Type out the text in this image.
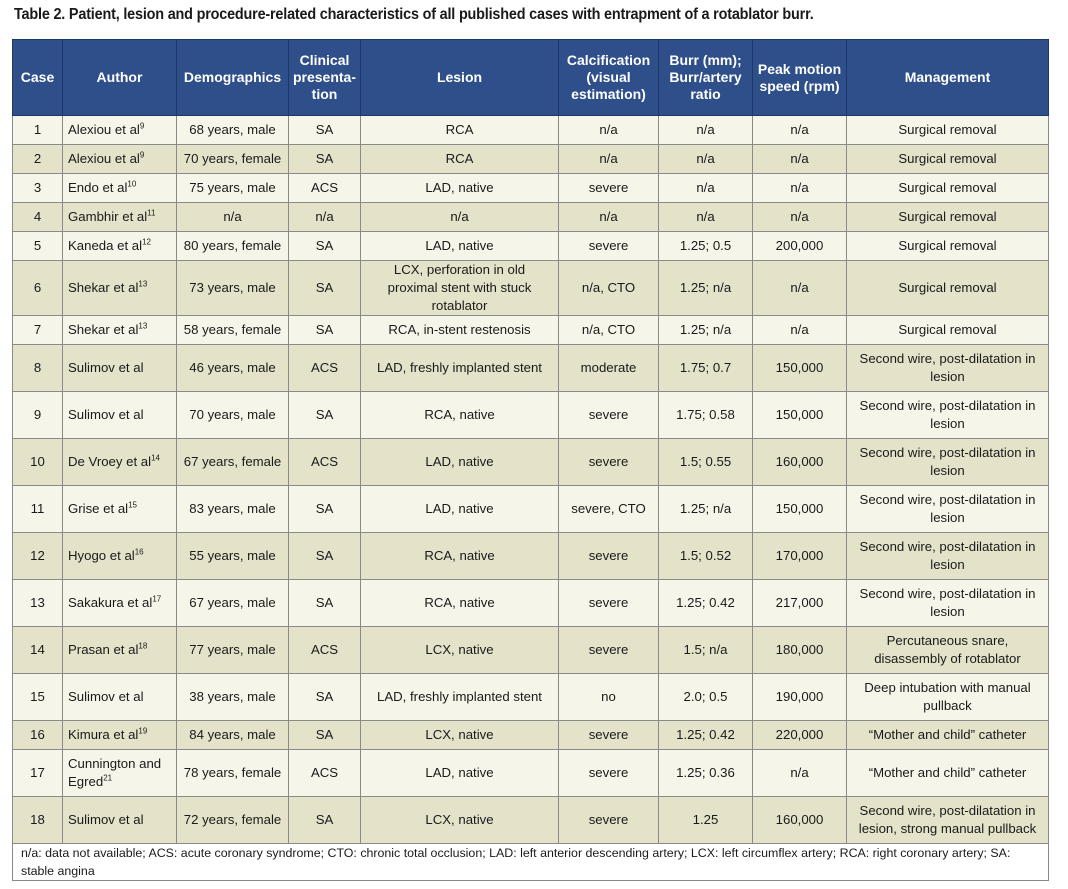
Table 2. Patient, lesion and procedure-related characteristics of all published cases with entrapment of a rotablator burr.
Case	Author	Demographics	Clinical
presenta-
tion	Lesion	Calcification
(visual
estimation)	Burr (mm);
Burr/artery
ratio	Peak motion
speed (rpm)	Management
1	Alexiou et $al^9$	68 years, male	SA	RCA	n/a	n/a	n/a	Surgical removal
2	Alexiou et $al^9$	70 years, female	SA	RCA	n/a	n/a	n/a	Surgical removal
3	Endo et $al^{10}$	75 years, male	ACS	LAD, native	severe	n/a	n/a	Surgical removal
4	Gambhir et $al^{11}$	n/a	n/a	n/a	n/a	n/a	n/a	Surgical removal
5	Kaneda et $al^{12}$	80 years, female	SA	LAD, native	severe	1.25; 0.5	200,000	Surgical removal
6	Shekar et $al^{13}$	73 years, male	SA	LCX, perforation in old proximal stent with stuck rotablator	n/a, CTO	1.25; n/a	n/a	Surgical removal
7	Shekar et $al^{13}$	58 years, female	SA	RCA, in-stent restenosis	n/a, CTO	1.25; n/a	n/a	Surgical removal
8	Sulimov et al	46 years, male	ACS	LAD, freshly implanted stent	moderate	1.75; 0.7	150,000	Second wire, post-dilatation in lesion
9	Sulimov et al	70 years, male	SA	RCA, native	severe	1.75; 0.58	150,000	Second wire, post-dilatation in lesion
10	De Vroey et $al^{14}$	67 years, female	ACS	LAD, native	severe	1.5; 0.55	160,000	Second wire, post-dilatation in lesion
11	Grise et $al^{15}$	83 years, male	SA	LAD, native	severe, CTO	1.25; n/a	150,000	Second wire, post-dilatation in lesion
12	Hyogo et $al^{16}$	55 years, male	SA	RCA, native	severe	1.5; 0.52	170,000	Second wire, post-dilatation in lesion
13	Sakakura et $al^{17}$	67 years, male	SA	RCA, native	severe	1.25; 0.42	217,000	Second wire, post-dilatation in lesion
14	Prasan et $al^{18}$	77 years, male	ACS	LCX, native	severe	1.5; n/a	180,000	Percutaneous snare, disassembly of rotablator
15	Sulimov et al	38 years, male	SA	LAD, freshly implanted stent	no	2.0; 0.5	190,000	Deep intubation with manual pullback
16	Kimura et $al^{19}$	84 years, male	SA	LCX, native	severe	1.25; 0.42	220,000	“Mother and child” catheter
17	Cunnington and Egred$^{21}$	78 years, female	ACS	LAD, native	severe	1.25; 0.36	n/a	“Mother and child” catheter
18	Sulimov et al	72 years, female	SA	LCX, native	severe	1.25	160,000	Second wire, post-dilatation in lesion, strong manual pullback
n/a: data not available; ACS: acute coronary syndrome; CTO: chronic total occlusion; LAD: left anterior descending artery; LCX: left circumflex artery; RCA: right coronary artery; SA: stable angina								
